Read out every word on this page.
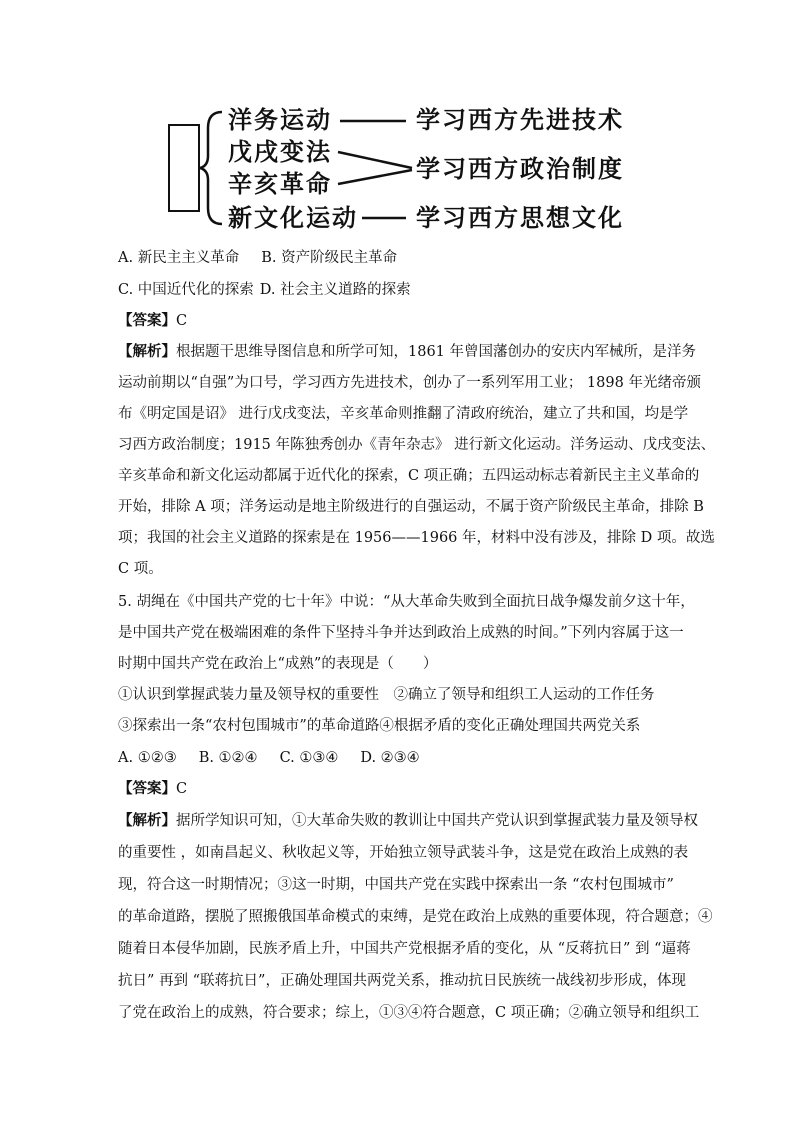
洋务运动
戊戌变法
辛亥革命
新文化运动
学习西方先进技术
学习西方政治制度
学习西方思想文化
A. 新民主主义革命 B. 资产阶级民主革命
C. 中国近代化的探索 D. 社会主义道路的探索
【答案】C
【解析】根据题干思维导图信息和所学可知，1861 年曾国藩创办的安庆内军械所，是洋务
运动前期以“自强”为口号，学习西方先进技术，创办了一系列军用工业； 1898 年光绪帝颁
布《明定国是诏》 进行戊戌变法，辛亥革命则推翻了清政府统治，建立了共和国，均是学
习西方政治制度；1915 年陈独秀创办《青年杂志》 进行新文化运动。洋务运动、戊戌变法、
辛亥革命和新文化运动都属于近代化的探索，C 项正确；五四运动标志着新民主主义革命的
开始，排除 A 项；洋务运动是地主阶级进行的自强运动，不属于资产阶级民主革命，排除 B
项；我国的社会主义道路的探索是在 1956——1966 年，材料中没有涉及，排除 D 项。故选
C 项。
5. 胡绳在《中国共产党的七十年》中说：“从大革命失败到全面抗日战争爆发前夕这十年，
是中国共产党在极端困难的条件下坚持斗争并达到政治上成熟的时间。”下列内容属于这一
时期中国共产党在政治上“成熟”的表现是（　　）
①认识到掌握武装力量及领导权的重要性　②确立了领导和组织工人运动的工作任务
③探索出一条“农村包围城市”的革命道路④根据矛盾的变化正确处理国共两党关系
A. ①②③ B. ①②④ C. ①③④ D. ②③④
【答案】C
【解析】据所学知识可知，①大革命失败的教训让中国共产党认识到掌握武装力量及领导权
的重要性 ，如南昌起义、秋收起义等，开始独立领导武装斗争，这是党在政治上成熟的表
现，符合这一时期情况；③这一时期，中国共产党在实践中探索出一条 “农村包围城市”
的革命道路，摆脱了照搬俄国革命模式的束缚，是党在政治上成熟的重要体现，符合题意；④
随着日本侵华加剧，民族矛盾上升，中国共产党根据矛盾的变化，从 “反蒋抗日” 到 “逼蒋
抗日” 再到 “联蒋抗日”，正确处理国共两党关系，推动抗日民族统一战线初步形成，体现
了党在政治上的成熟，符合要求；综上，①③④符合题意，C 项正确；②确立领导和组织工
